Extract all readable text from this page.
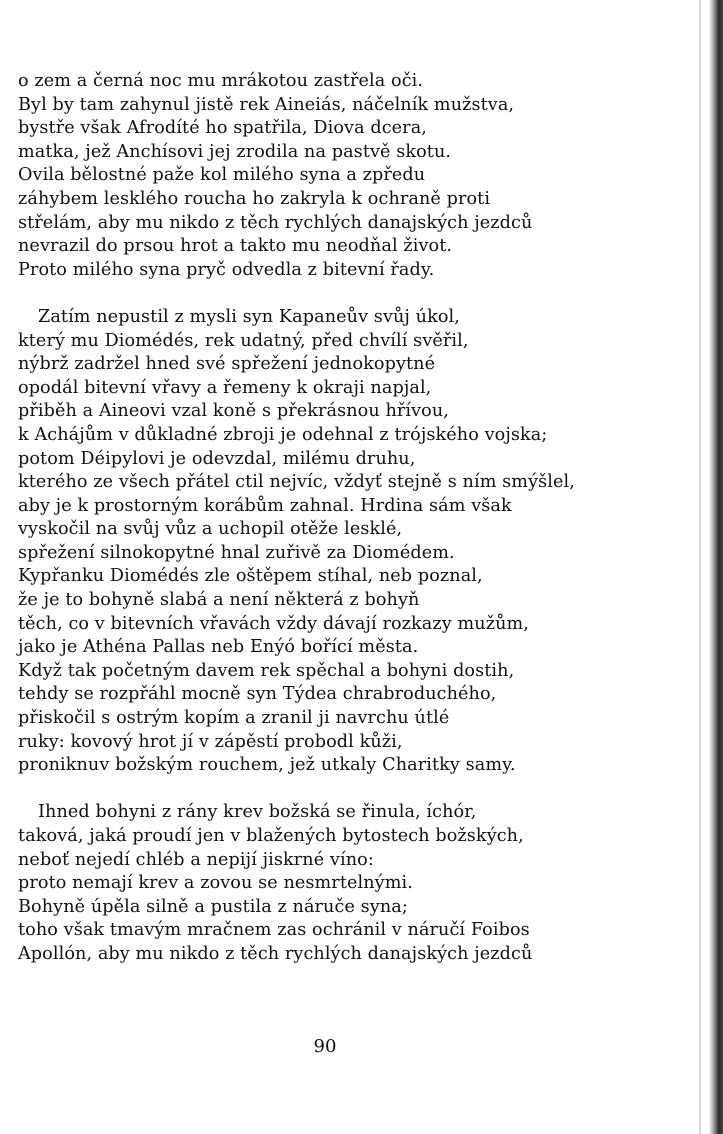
o zem a černá noc mu mrákotou zastřela oči.
Byl by tam zahynul jistě rek Aineiás, náčelník mužstva,
bystře však Afrodíté ho spatřila, Diova dcera,
matka, jež Anchísovi jej zrodila na pastvě skotu.
Ovila bělostné paže kol milého syna a zpředu
záhybem lesklého roucha ho zakryla k ochraně proti
střelám, aby mu nikdo z těch rychlých danajských jezdců
nevrazil do prsou hrot a takto mu neodňal život.
Proto milého syna pryč odvedla z bitevní řady.
Zatím nepustil z mysli syn Kapaneův svůj úkol,
který mu Diomédés, rek udatný, před chvílí svěřil,
nýbrž zadržel hned své spřežení jednokopytné
opodál bitevní vřavy a řemeny k okraji napjal,
přiběh a Aineovi vzal koně s překrásnou hřívou,
k Achájům v důkladné zbroji je odehnal z trójského vojska;
potom Déipylovi je odevzdal, milému druhu,
kterého ze všech přátel ctil nejvíc, vždyť stejně s ním smýšlel,
aby je k prostorným korábům zahnal. Hrdina sám však
vyskočil na svůj vůz a uchopil otěže lesklé,
spřežení silnokopytné hnal zuřivě za Diomédem.
Kypřanku Diomédés zle oštěpem stíhal, neb poznal,
že je to bohyně slabá a není některá z bohyň
těch, co v bitevních vřavách vždy dávají rozkazy mužům,
jako je Athéna Pallas neb Enýó bořící města.
Když tak početným davem rek spěchal a bohyni dostih,
tehdy se rozpřáhl mocně syn Týdea chrabroduchého,
přiskočil s ostrým kopím a zranil ji navrchu útlé
ruky: kovový hrot jí v zápěstí probodl kůži,
proniknuv božským rouchem, jež utkaly Charitky samy.
Ihned bohyni z rány krev božská se řinula, íchór,
taková, jaká proudí jen v blažených bytostech božských,
neboť nejedí chléb a nepijí jiskrné víno:
proto nemají krev a zovou se nesmrtelnými.
Bohyně úpěla silně a pustila z náruče syna;
toho však tmavým mračnem zas ochránil v náručí Foibos
Apollón, aby mu nikdo z těch rychlých danajských jezdců
90
